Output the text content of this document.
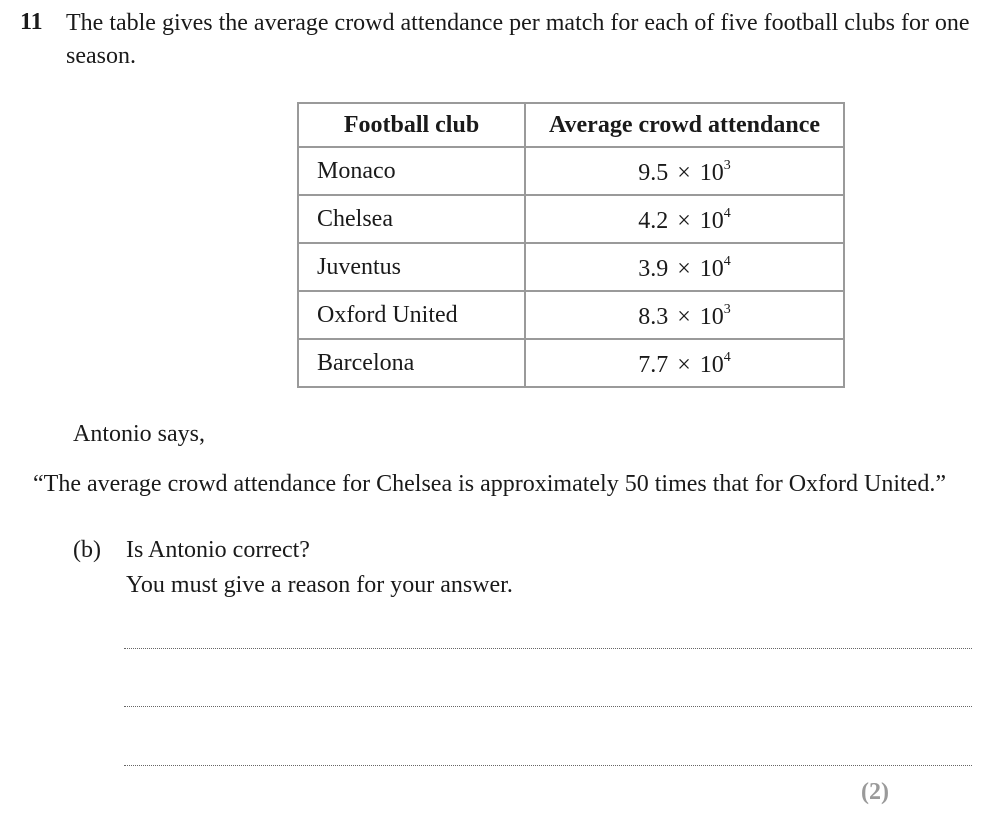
11 The table gives the average crowd attendance per match for each of five football clubs for one season.

Football club	Average crowd attendance
Monaco	$9.5 \times 10^3$
Chelsea	$4.2 \times 10^4$
Juventus	$3.9 \times 10^4$
Oxford United	$8.3 \times 10^3$
Barcelona	$7.7 \times 10^4$

Antonio says,

“The average crowd attendance for Chelsea is approximately 50 times that for Oxford United.”

(b) Is Antonio correct?

You must give a reason for your answer.

(2)
